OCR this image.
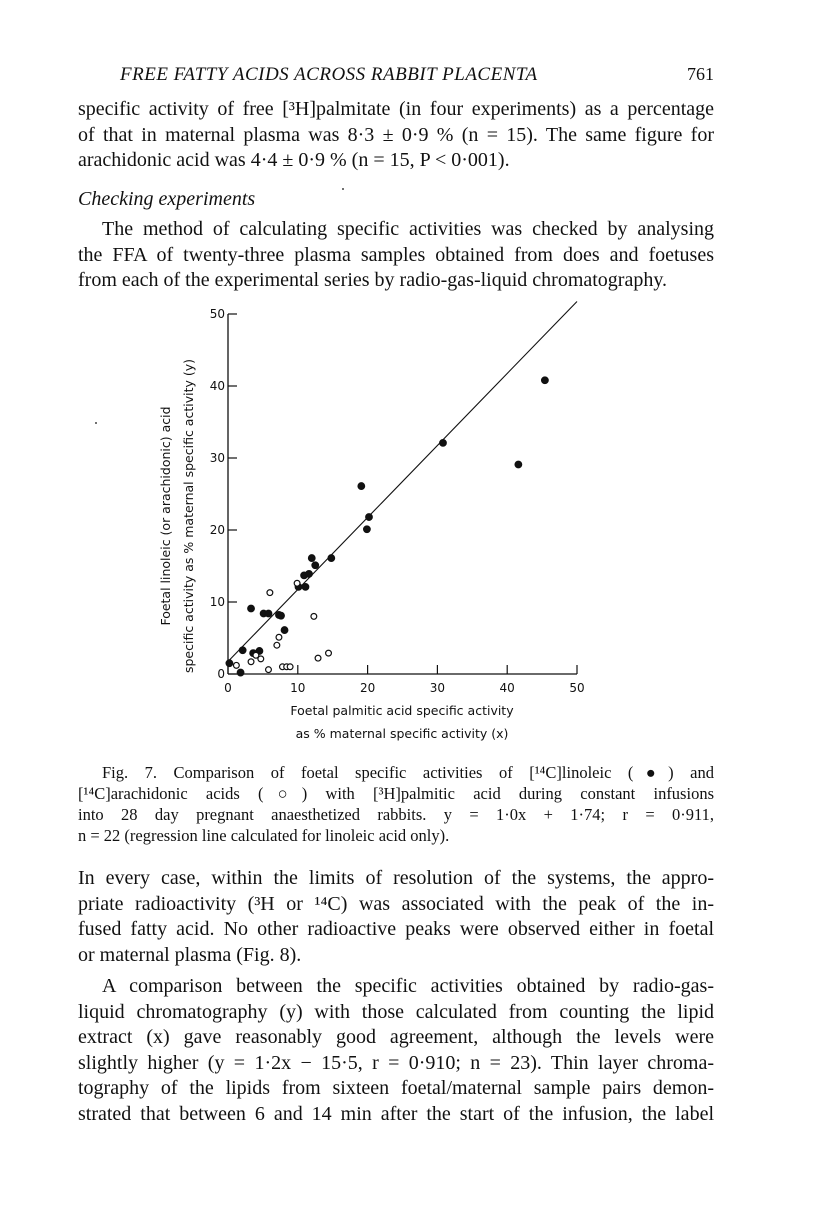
FREE FATTY ACIDS ACROSS RABBIT PLACENTA	761
specific activity of free [³H]palmitate (in four experiments) as a percentage
of that in maternal plasma was 8·3 ± 0·9 % (n = 15). The same figure for
arachidonic acid was 4·4 ± 0·9 % (n = 15, P < 0·001).
Checking experiments
The method of calculating specific activities was checked by analysing
the FFA of twenty-three plasma samples obtained from does and foetuses
from each of the experimental series by radio-gas-liquid chromatography.
Foetal linoleic (or arachidonic) acid specific activity as % maternal specific activity (y)
0
10
20
30
40
50
0	10	20	30	40	50
Foetal palmitic acid specific activity
as % maternal specific activity (x)
Fig. 7. Comparison of foetal specific activities of [¹⁴C]linoleic (●) and
[¹⁴C]arachidonic acids (○) with [³H]palmitic acid during constant infusions
into 28 day pregnant anaesthetized rabbits. y = 1·0x + 1·74; r = 0·911,
n = 22 (regression line calculated for linoleic acid only).
In every case, within the limits of resolution of the systems, the appro-
priate radioactivity (³H or ¹⁴C) was associated with the peak of the in-
fused fatty acid. No other radioactive peaks were observed either in foetal
or maternal plasma (Fig. 8).
A comparison between the specific activities obtained by radio-gas-
liquid chromatography (y) with those calculated from counting the lipid
extract (x) gave reasonably good agreement, although the levels were
slightly higher (y = 1·2x − 15·5, r = 0·910; n = 23). Thin layer chroma-
tography of the lipids from sixteen foetal/maternal sample pairs demon-
strated that between 6 and 14 min after the start of the infusion, the label
